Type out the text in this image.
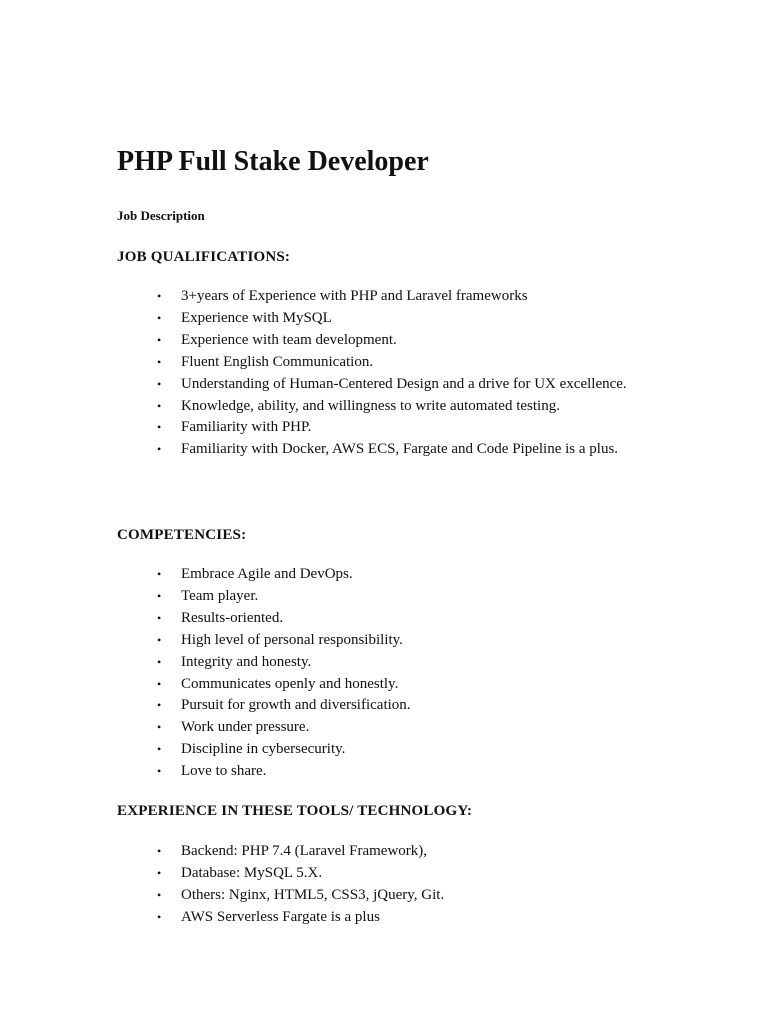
PHP Full Stake Developer

Job Description

JOB QUALIFICATIONS:
• 3+years of Experience with PHP and Laravel frameworks
• Experience with MySQL
• Experience with team development.
• Fluent English Communication.
• Understanding of Human-Centered Design and a drive for UX excellence.
• Knowledge, ability, and willingness to write automated testing.
• Familiarity with PHP.
• Familiarity with Docker, AWS ECS, Fargate and Code Pipeline is a plus.
COMPETENCIES:
• Embrace Agile and DevOps.
• Team player.
• Results-oriented.
• High level of personal responsibility.
• Integrity and honesty.
• Communicates openly and honestly.
• Pursuit for growth and diversification.
• Work under pressure.
• Discipline in cybersecurity.
• Love to share.
EXPERIENCE IN THESE TOOLS/ TECHNOLOGY:
• Backend: PHP 7.4 (Laravel Framework),
• Database: MySQL 5.X.
• Others: Nginx, HTML5, CSS3, jQuery, Git.
• AWS Serverless Fargate is a plus
